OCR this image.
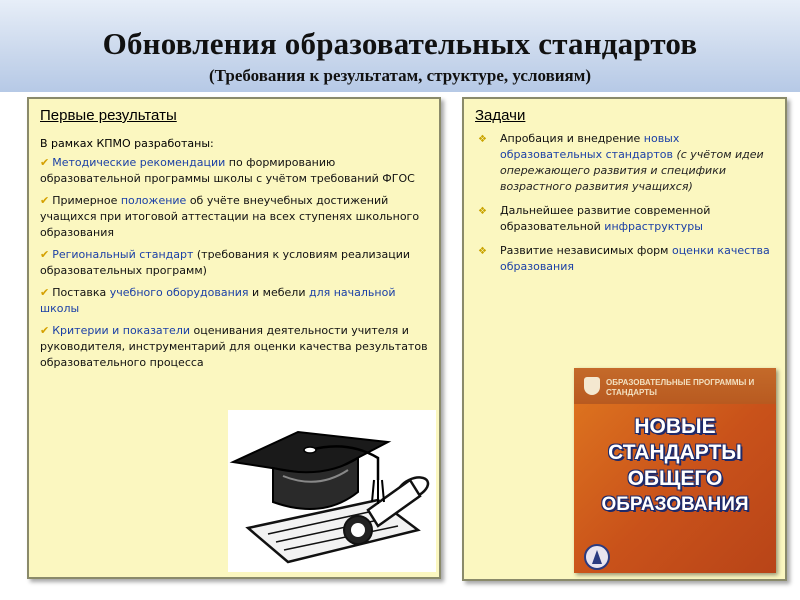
Обновления образовательных стандартов
(Требования к результатам, структуре, условиям)
Первые результаты
В рамках КПМО разработаны:
✔ Методические рекомендации по формированию образовательной программы школы с учётом требований ФГОС
✔ Примерное положение об учёте внеучебных достижений учащихся при итоговой аттестации на всех ступенях школьного образования
✔ Региональный стандарт (требования к условиям реализации образовательных программ)
✔ Поставка учебного оборудования и мебели для начальной школы
✔ Критерии и показатели оценивания деятельности учителя и руководителя, инструментарий для оценки качества результатов образовательного процесса
Задачи
❖ Апробация и внедрение новых образовательных стандартов (с учётом идеи опережающего развития и специфики возрастного развития учащихся)
❖ Дальнейшее развитие современной образовательной инфраструктуры
❖ Развитие независимых форм оценки качества образования
ОБРАЗОВАТЕЛЬНЫЕ ПРОГРАММЫ И СТАНДАРТЫ
НОВЫЕ
СТАНДАРТЫ
ОБЩЕГО
ОБРАЗОВАНИЯ
